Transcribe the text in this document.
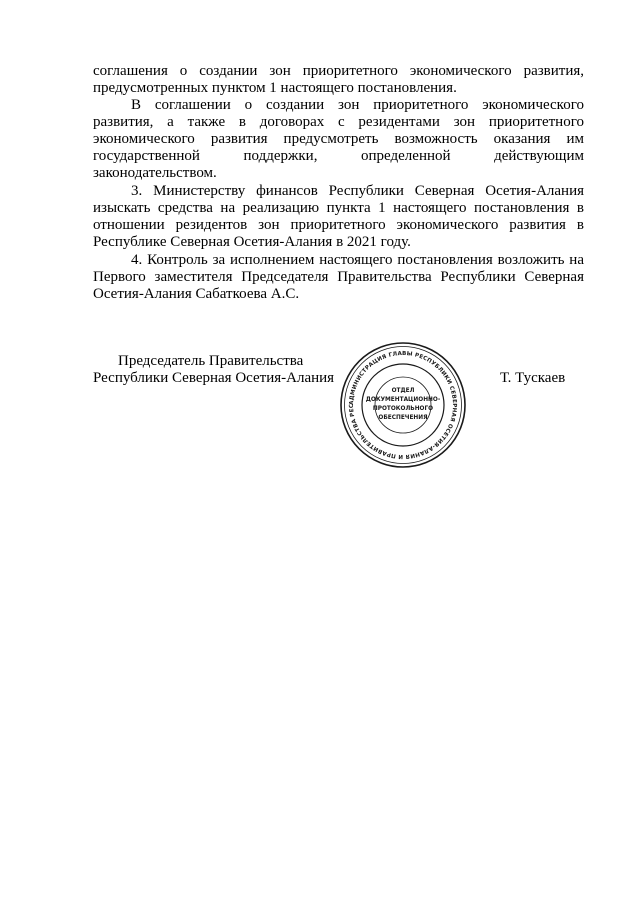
соглашения о создании зон приоритетного экономического развития,
предусмотренных пунктом 1 настоящего постановления.
В соглашении о создании зон приоритетного экономического
развития, а также в договорах с резидентами зон приоритетного
экономического развития предусмотреть возможность оказания им
государственной поддержки, определенной действующим
законодательством.
3. Министерству финансов Республики Северная Осетия-Алания
изыскать средства на реализацию пункта 1 настоящего постановления в
отношении резидентов зон приоритетного экономического развития в
Республике Северная Осетия-Алания в 2021 году.
4. Контроль за исполнением настоящего постановления возложить на
Первого заместителя Председателя Правительства Республики Северная
Осетия-Алания Сабаткоева А.С.
Председатель Правительства
Республики Северная Осетия-Алания
АДМИНИСТРАЦИЯ ГЛАВЫ РЕСПУБЛИКИ СЕВЕРНАЯ ОСЕТИЯ-АЛАНИЯ И ПРАВИТЕЛЬСТВА РЕС
ОТДЕЛ
ДОКУМЕНТАЦИОННО-
ПРОТОКОЛЬНОГО
ОБЕСПЕЧЕНИЯ
Т. Тускаев
